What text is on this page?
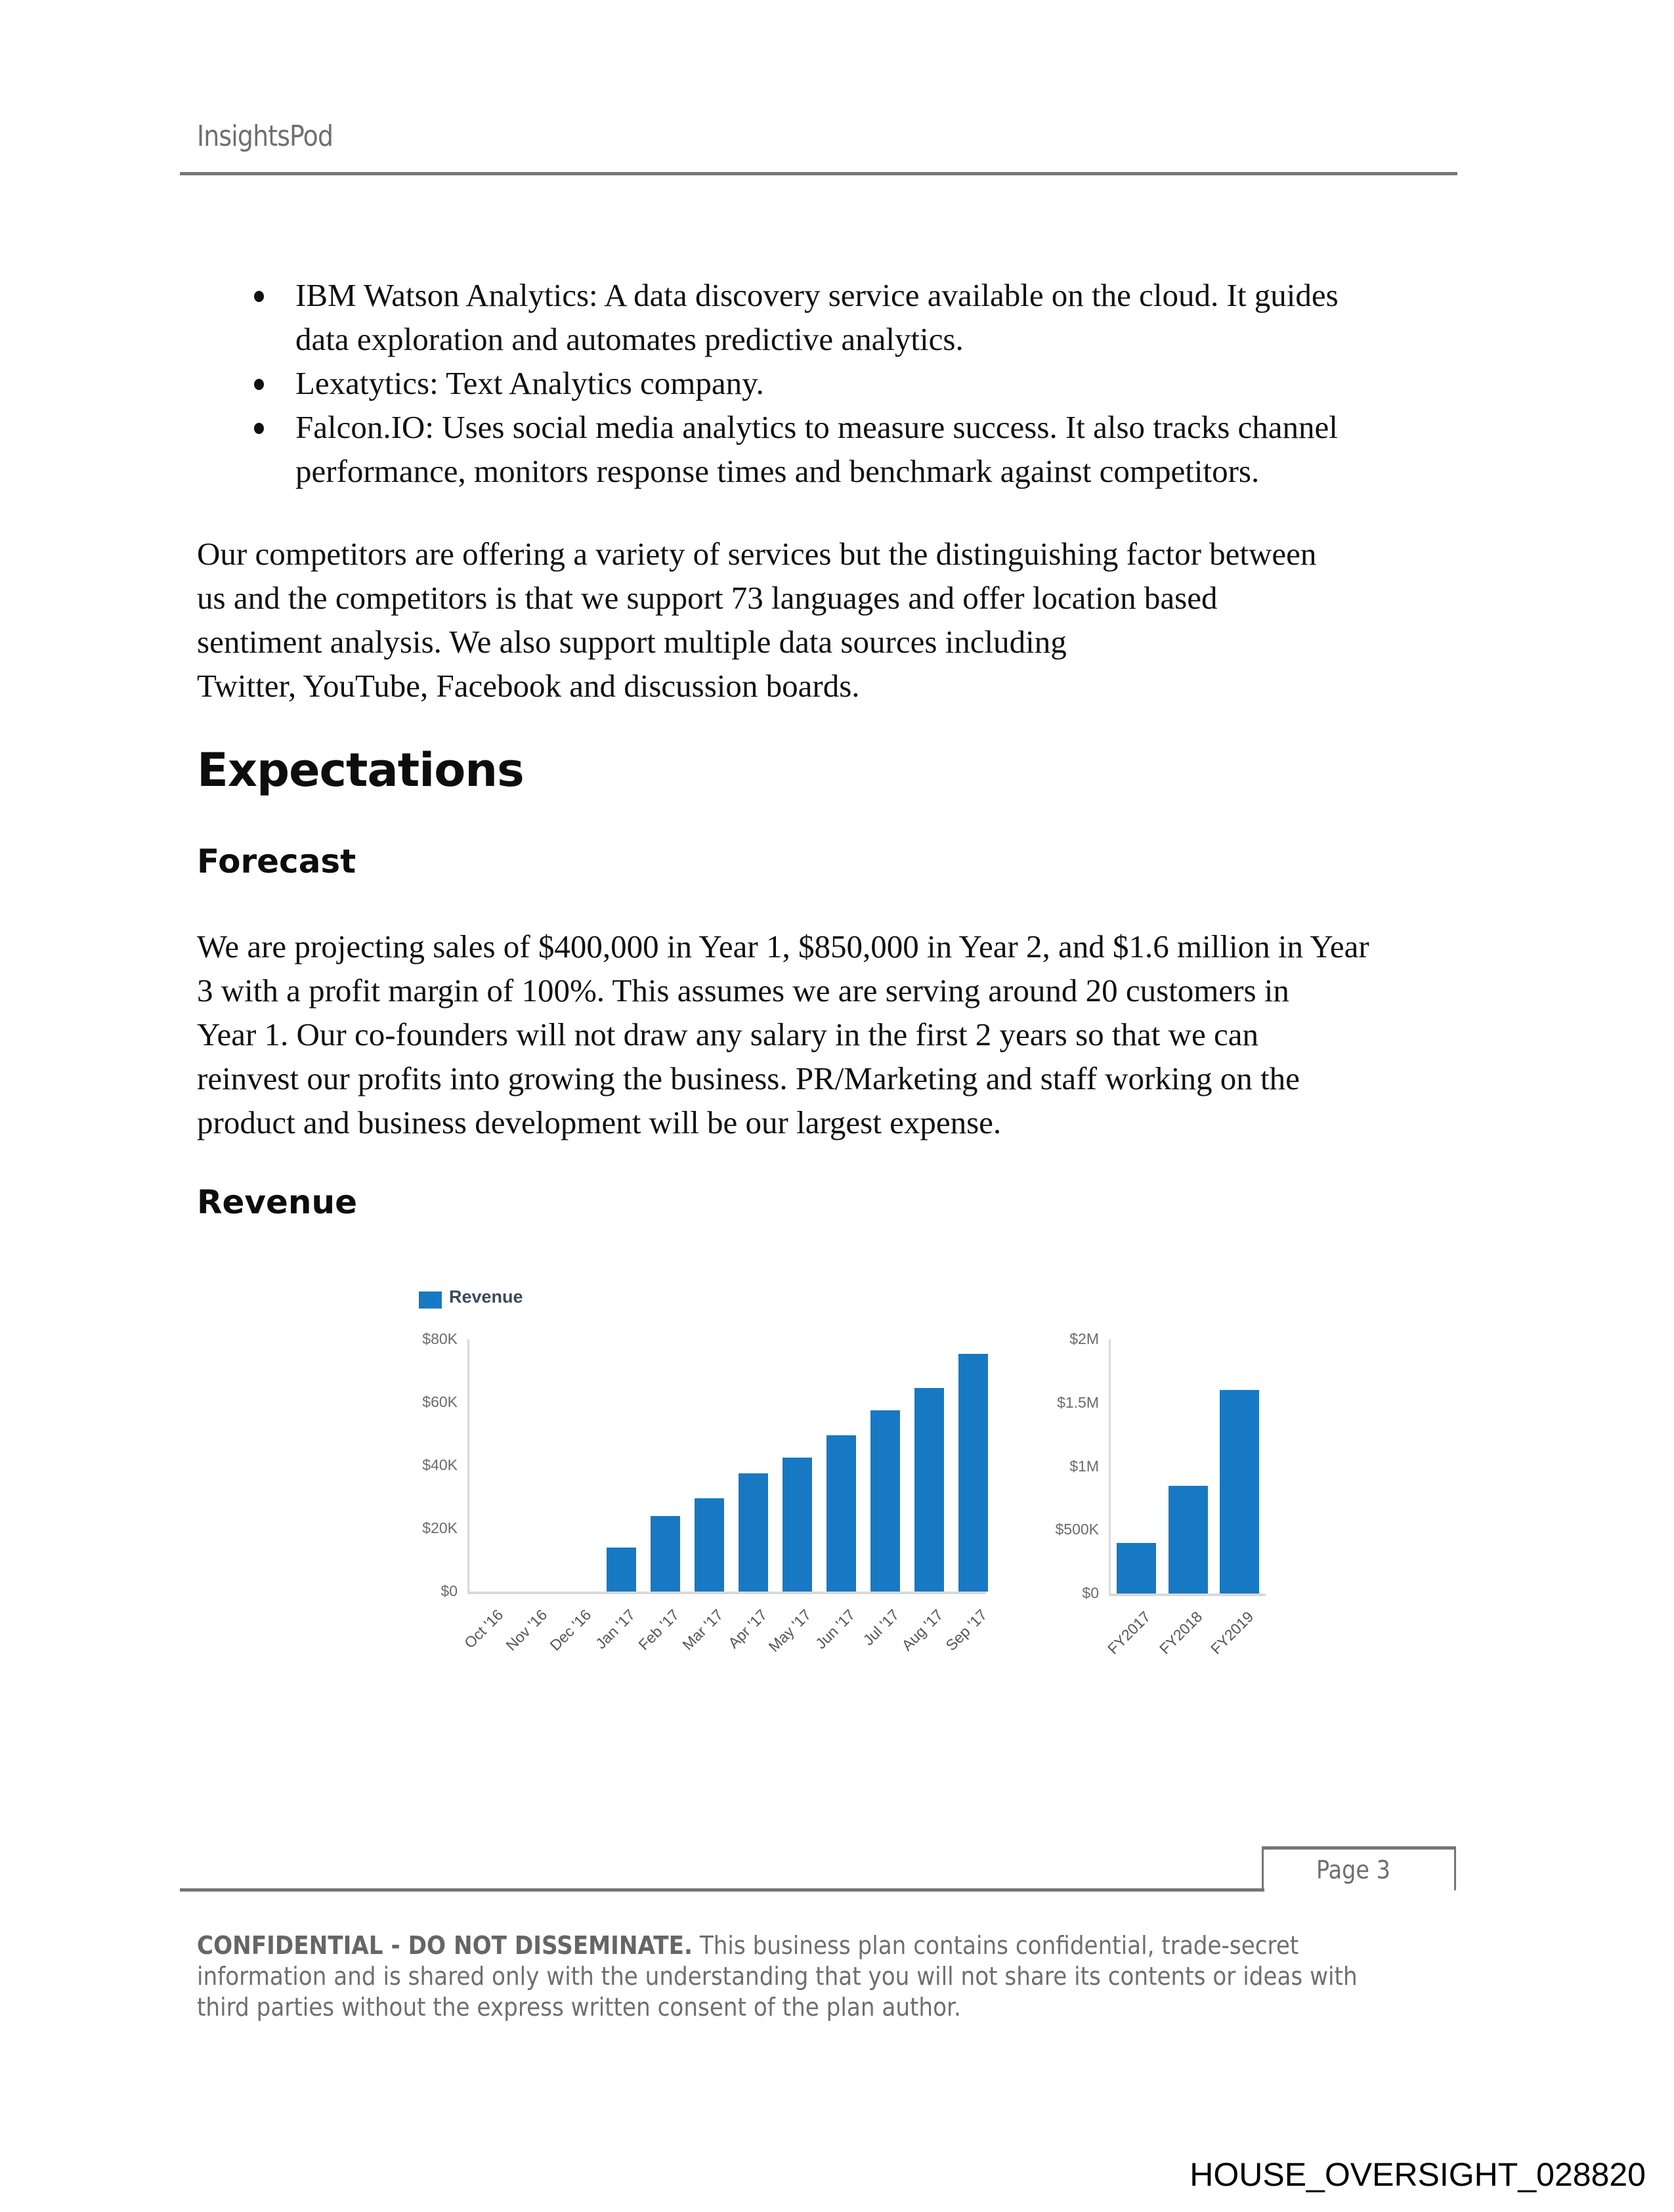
InsightsPod
IBM Watson Analytics: A data discovery service available on the cloud. It guides
data exploration and automates predictive analytics.
Lexatytics: Text Analytics company.
Falcon.IO: Uses social media analytics to measure success. It also tracks channel
performance, monitors response times and benchmark against competitors.
Our competitors are offering a variety of services but the distinguishing factor between
us and the competitors is that we support 73 languages and offer location based
sentiment analysis. We also support multiple data sources including
Twitter, YouTube, Facebook and discussion boards.
Expectations
Forecast
We are projecting sales of $400,000 in Year 1, $850,000 in Year 2, and $1.6 million in Year
3 with a profit margin of 100%. This assumes we are serving around 20 customers in
Year 1. Our co-founders will not draw any salary in the first 2 years so that we can
reinvest our profits into growing the business. PR/Marketing and staff working on the
product and business development will be our largest expense.
Revenue
Revenue
$0
$20K
$40K
$60K
$80K
Oct '16
Nov '16
Dec '16
Jan '17
Feb '17
Mar '17
Apr '17
May '17
Jun '17 Jul '17
Aug '17
Sep '17
$0
$500K
$1M
$1.5M
$2M
FY2017 FY2018 FY2019
Page 3
CONFIDENTIAL - DO NOT DISSEMINATE. This business plan contains confidential, trade-secret
information and is shared only with the understanding that you will not share its contents or ideas with
third parties without the express written consent of the plan author.
HOUSE_OVERSIGHT_028820
